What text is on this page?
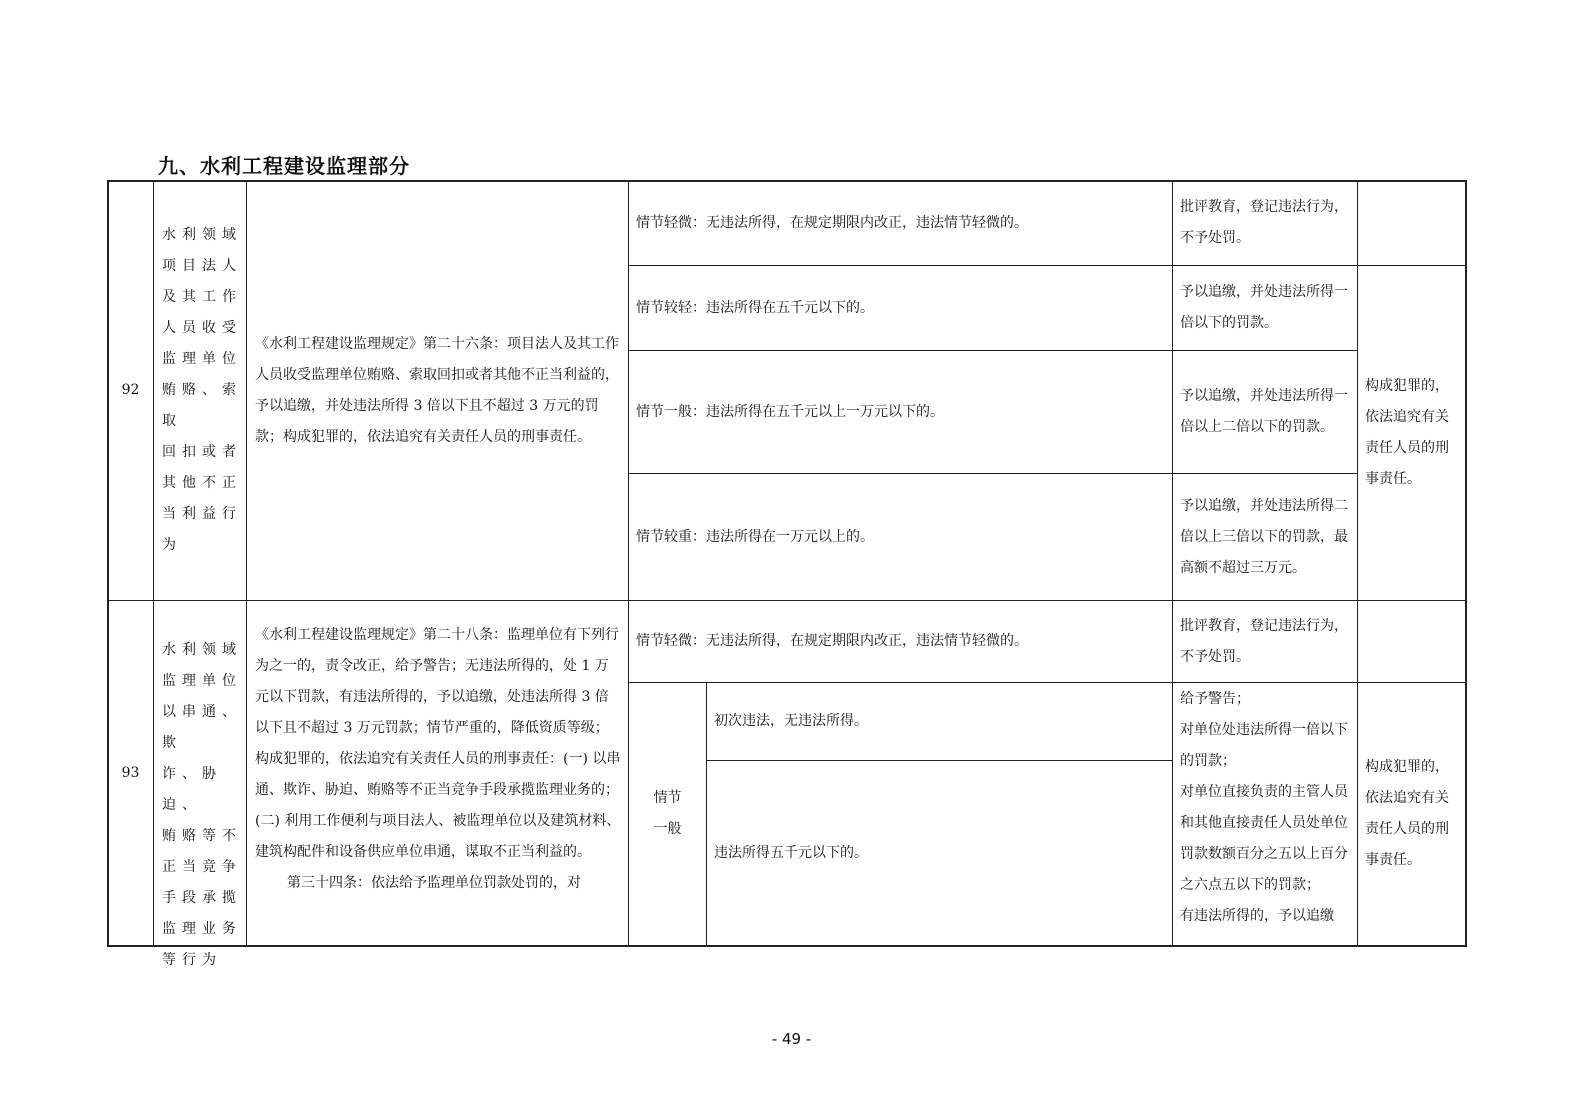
九、水利工程建设监理部分
92
水利领域
项目法人
及其工作
人员收受
监理单位
贿赂、索取
回扣或者
其他不正
当利益行
为
《水利工程建设监理规定》第二十六条：项目法人及其工作人员收受监理单位贿赂、索取回扣或者其他不正当利益的，予以追缴，并处违法所得 3 倍以下且不超过 3 万元的罚款；构成犯罪的，依法追究有关责任人员的刑事责任。
情节轻微：无违法所得，在规定期限内改正，违法情节轻微的。
批评教育，登记违法行为，不予处罚。
情节较轻：违法所得在五千元以下的。
予以追缴，并处违法所得一倍以下的罚款。
情节一般：违法所得在五千元以上一万元以下的。
予以追缴，并处违法所得一倍以上二倍以下的罚款。
情节较重：违法所得在一万元以上的。
予以追缴，并处违法所得二倍以上三倍以下的罚款，最高额不超过三万元。
构成犯罪的，依法追究有关责任人员的刑事责任。
93
水利领域
监理单位
以串通、欺
诈、胁迫、
贿赂等不
正当竞争
手段承揽
监理业务
等行为
《水利工程建设监理规定》第二十八条：监理单位有下列行为之一的，责令改正，给予警告；无违法所得的，处 1 万元以下罚款，有违法所得的，予以追缴，处违法所得 3 倍以下且不超过 3 万元罚款；情节严重的，降低资质等级；构成犯罪的，依法追究有关责任人员的刑事责任：(一) 以串通、欺诈、胁迫、贿赂等不正当竞争手段承揽监理业务的；(二) 利用工作便利与项目法人、被监理单位以及建筑材料、建筑构配件和设备供应单位串通，谋取不正当利益的。
第三十四条：依法给予监理单位罚款处罚的，对
情节轻微：无违法所得，在规定期限内改正，违法情节轻微的。
批评教育，登记违法行为，不予处罚。
情节
一般
初次违法，无违法所得。
违法所得五千元以下的。
给予警告；
对单位处违法所得一倍以下的罚款；
对单位直接负责的主管人员和其他直接责任人员处单位罚款数额百分之五以上百分之六点五以下的罚款；
有违法所得的，予以追缴
构成犯罪的，依法追究有关责任人员的刑事责任。
- 49 -
